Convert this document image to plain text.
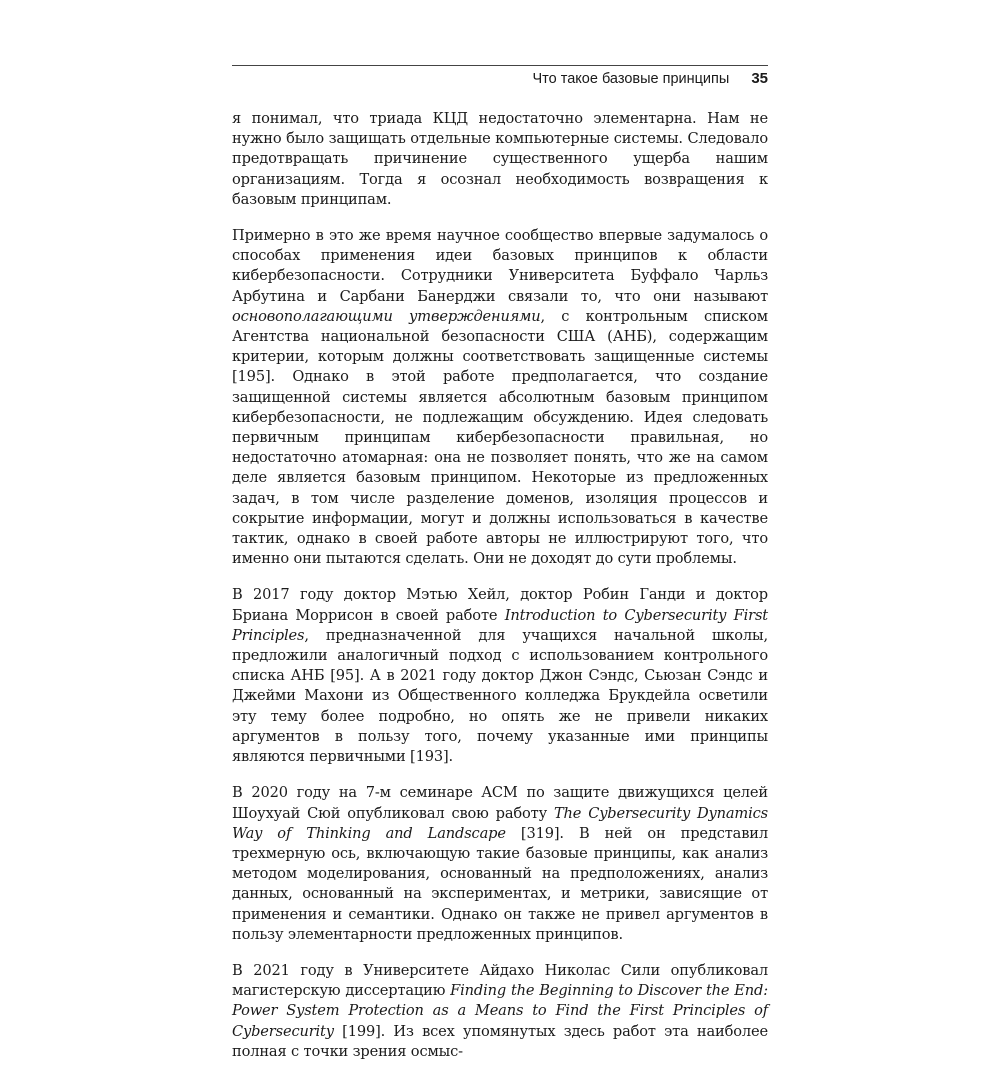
Что такое базовые принципы 35

я понимал, что триада КЦД недостаточно элементарна. Нам не нужно было защищать отдельные компьютерные системы. Следовало предотвращать причинение существенного ущерба нашим организациям. Тогда я осознал необходимость возвращения к базовым принципам.

Примерно в это же время научное сообщество впервые задумалось о способах применения идеи базовых принципов к области кибербезопасности. Сотрудники Университета Буффало Чарльз Арбутина и Сарбани Банерджи связали то, что они называют основополагающими утверждениями, с контрольным списком Агентства национальной безопасности США (АНБ), содержащим критерии, которым должны соответствовать защищенные системы [195]. Однако в этой работе предполагается, что создание защищенной системы является абсолютным базовым принципом кибербезопасности, не подлежащим обсуждению. Идея следовать первичным принципам кибербезопасности правильная, но недостаточно атомарная: она не позволяет понять, что же на самом деле является базовым принципом. Некоторые из предложенных задач, в том числе разделение доменов, изоляция процессов и сокрытие информации, могут и должны использоваться в качестве тактик, однако в своей работе авторы не иллюстрируют того, что именно они пытаются сделать. Они не доходят до сути проблемы.

В 2017 году доктор Мэтью Хейл, доктор Робин Ганди и доктор Бриана Моррисон в своей работе Introduction to Cybersecurity First Principles, предназначенной для учащихся начальной школы, предложили аналогичный подход с использованием контрольного списка АНБ [95]. А в 2021 году доктор Джон Сэндс, Сьюзан Сэндс и Джейми Махони из Общественного колледжа Брукдейла осветили эту тему более подробно, но опять же не привели никаких аргументов в пользу того, почему указанные ими принципы являются первичными [193].

В 2020 году на 7-м семинаре ACM по защите движущихся целей Шоухуай Сюй опубликовал свою работу The Cybersecurity Dynamics Way of Thinking and Landscape [319]. В ней он представил трехмерную ось, включающую такие базовые принципы, как анализ методом моделирования, основанный на предположениях, анализ данных, основанный на экспериментах, и метрики, зависящие от применения и семантики. Однако он также не привел аргументов в пользу элементарности предложенных принципов.

В 2021 году в Университете Айдахо Николас Сили опубликовал магистерскую диссертацию Finding the Beginning to Discover the End: Power System Protection as a Means to Find the First Principles of Cybersecurity [199]. Из всех упомянутых здесь работ эта наиболее полная с точки зрения осмыс-
